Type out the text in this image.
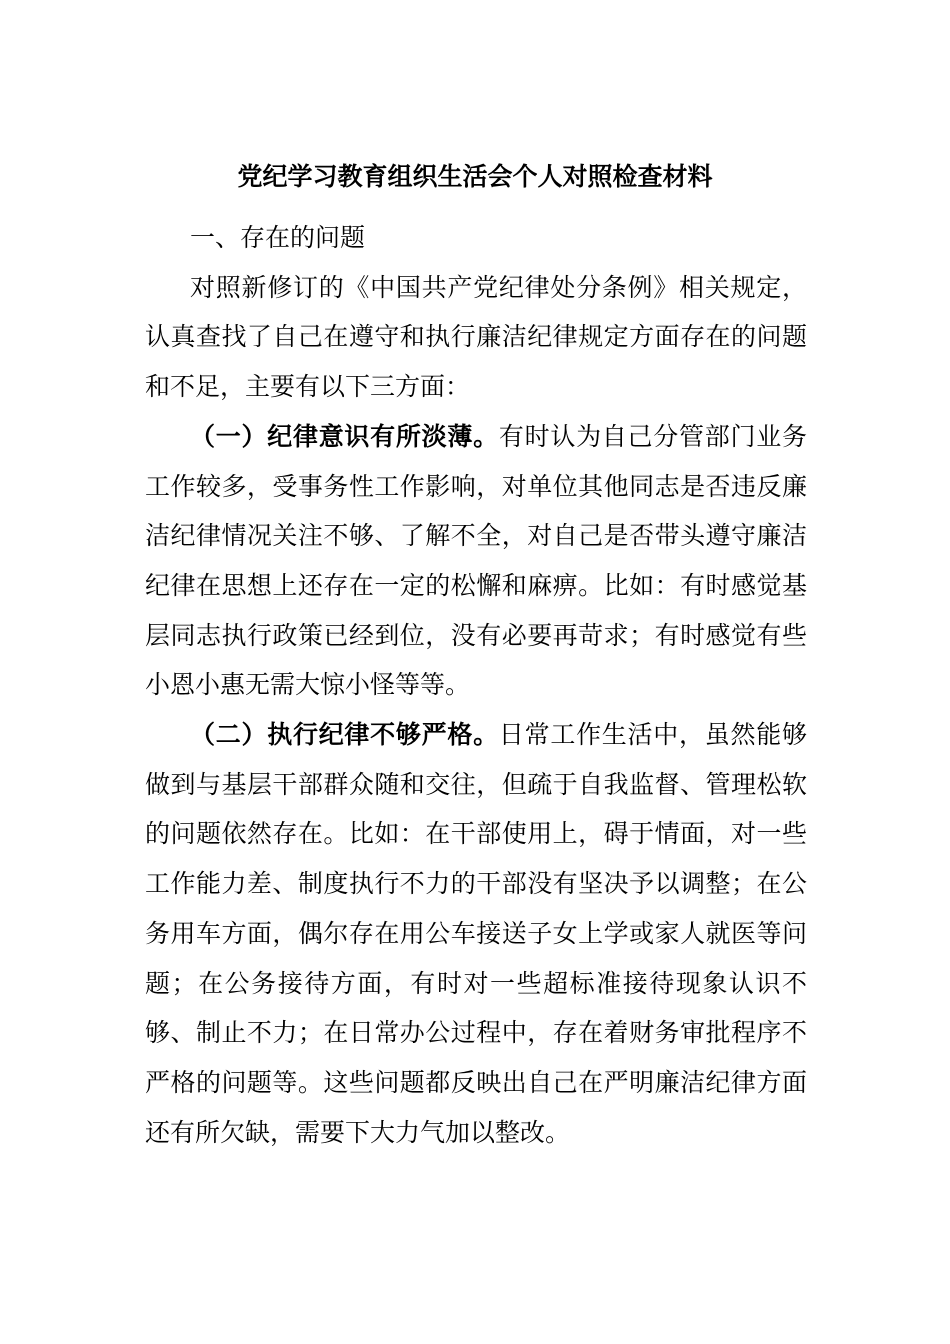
党纪学习教育组织生活会个人对照检查材料

一、存在的问题

对照新修订的《中国共产党纪律处分条例》相关规定，认真查找了自己在遵守和执行廉洁纪律规定方面存在的问题和不足，主要有以下三方面：

（一）纪律意识有所淡薄。有时认为自己分管部门业务工作较多，受事务性工作影响，对单位其他同志是否违反廉洁纪律情况关注不够、了解不全，对自己是否带头遵守廉洁纪律在思想上还存在一定的松懈和麻痹。比如：有时感觉基层同志执行政策已经到位，没有必要再苛求；有时感觉有些小恩小惠无需大惊小怪等等。

（二）执行纪律不够严格。日常工作生活中，虽然能够做到与基层干部群众随和交往，但疏于自我监督、管理松软的问题依然存在。比如：在干部使用上，碍于情面，对一些工作能力差、制度执行不力的干部没有坚决予以调整；在公务用车方面，偶尔存在用公车接送子女上学或家人就医等问题；在公务接待方面，有时对一些超标准接待现象认识不够、制止不力；在日常办公过程中，存在着财务审批程序不严格的问题等。这些问题都反映出自己在严明廉洁纪律方面还有所欠缺，需要下大力气加以整改。
